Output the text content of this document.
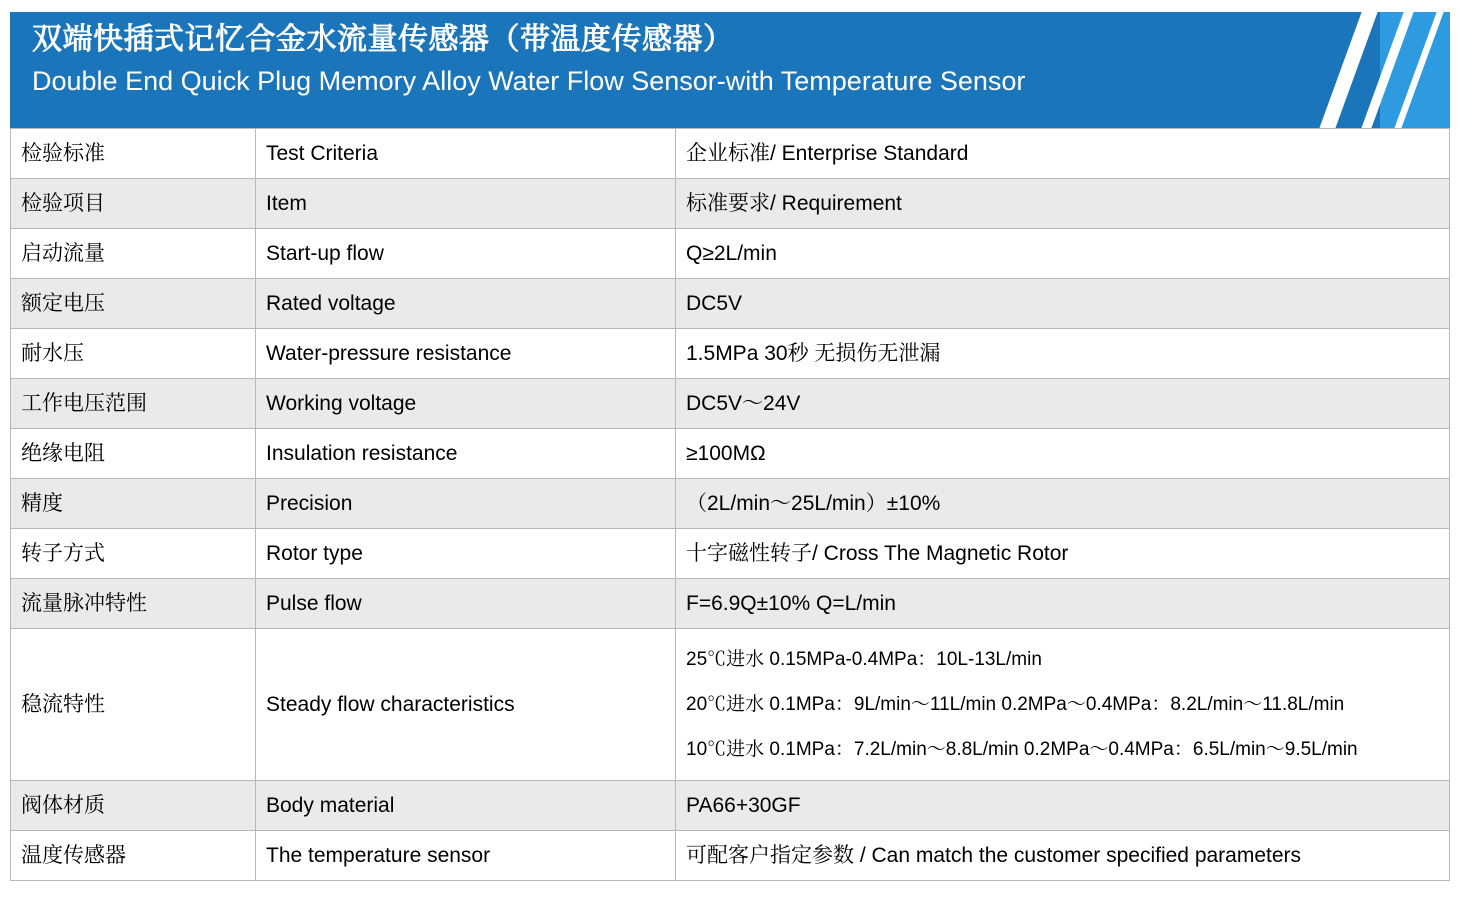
双端快插式记忆合金水流量传感器（带温度传感器）
Double End Quick Plug Memory Alloy Water Flow Sensor-with Temperature Sensor
检验标准	Test Criteria	企业标准/ Enterprise Standard
检验项目	Item	标准要求/ Requirement
启动流量	Start-up flow	Q≥2L/min
额定电压	Rated voltage	DC5V
耐水压	Water-pressure resistance	1.5MPa 30秒 无损伤无泄漏
工作电压范围	Working voltage	DC5V～24V
绝缘电阻	Insulation resistance	≥100MΩ
精度	Precision	（2L/min～25L/min）±10%
转子方式	Rotor type	十字磁性转子/ Cross The Magnetic Rotor
流量脉冲特性	Pulse flow	F=6.9Q±10% Q=L/min
稳流特性	Steady flow characteristics	25℃进水 0.15MPa-0.4MPa：10L-13L/min
20℃进水 0.1MPa：9L/min～11L/min 0.2MPa～0.4MPa：8.2L/min～11.8L/min
10℃进水 0.1MPa：7.2L/min～8.8L/min 0.2MPa～0.4MPa：6.5L/min～9.5L/min

阀体材质	Body material	PA66+30GF
温度传感器	The temperature sensor	可配客户指定参数 / Can match the customer specified parameters
